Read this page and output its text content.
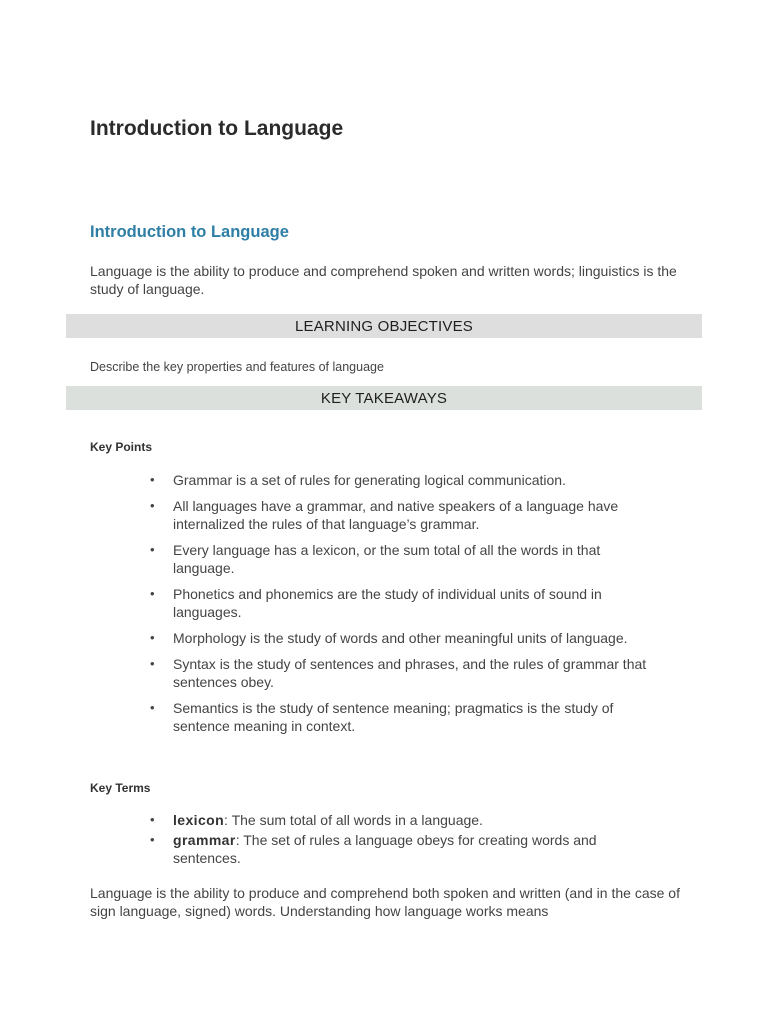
Introduction to Language
Introduction to Language

Language is the ability to produce and comprehend spoken and written words; linguistics is the study of language.

LEARNING OBJECTIVES

Describe the key properties and features of language

KEY TAKEAWAYS

Key Points

• Grammar is a set of rules for generating logical communication.
• All languages have a grammar, and native speakers of a language have internalized the rules of that language’s grammar.
• Every language has a lexicon, or the sum total of all the words in that language.
• Phonetics and phonemics are the study of individual units of sound in languages.
• Morphology is the study of words and other meaningful units of language.
• Syntax is the study of sentences and phrases, and the rules of grammar that sentences obey.
• Semantics is the study of sentence meaning; pragmatics is the study of sentence meaning in context.

Key Terms

• lexicon: The sum total of all words in a language.
• grammar: The set of rules a language obeys for creating words and sentences.

Language is the ability to produce and comprehend both spoken and written (and in the case of sign language, signed) words. Understanding how language works means
